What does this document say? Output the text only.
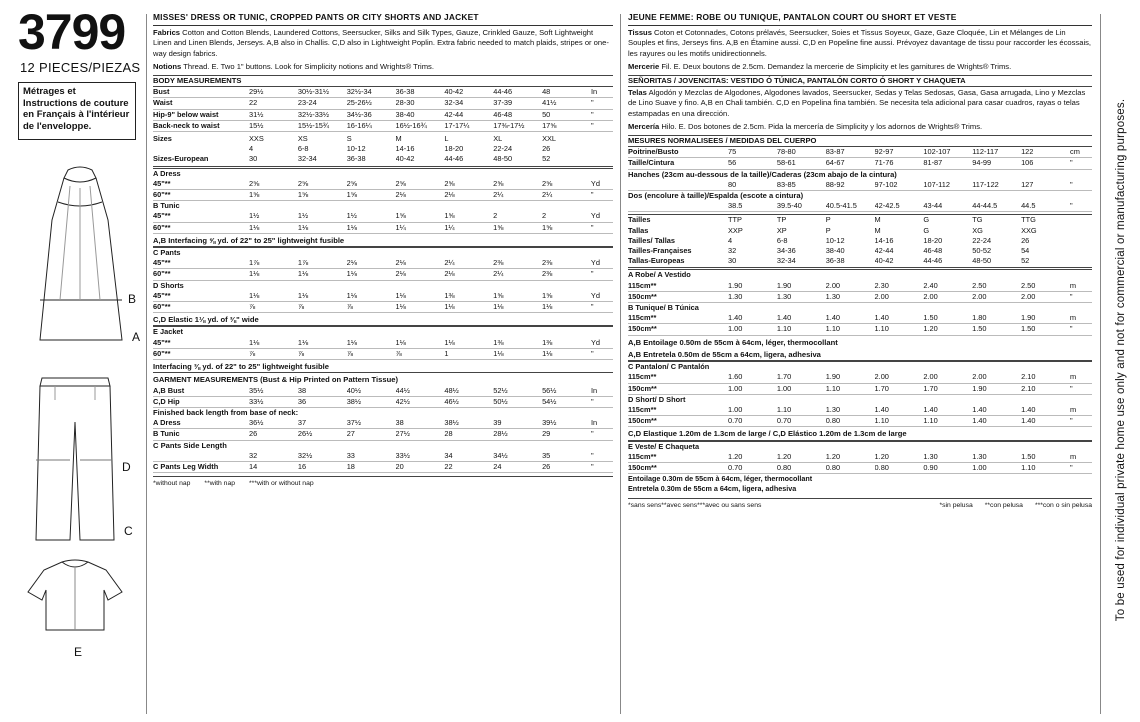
3799
12 PIECES/PIEZAS
Métrages et Instructions de couture en Français à l'intérieur de l'enveloppe.
B
A
D
C
E
MISSES' DRESS OR TUNIC, CROPPED PANTS OR CITY SHORTS AND JACKET
Fabrics Cotton and Cotton Blends, Laundered Cottons, Seersucker, Silks and Silk Types, Gauze, Crinkled Gauze, Soft Lightweight Linen and Linen Blends, Jerseys. A,B also in Challis. C,D also in Lightweight Poplin. Extra fabric needed to match plaids, stripes or one-way design fabrics.
Notions Thread. E. Two 1" buttons. Look for Simplicity notions and Wrights® Trims.
BODY MEASUREMENTS
Bust	29½	30½-31½	32½-34	36-38	40-42	44-46	48	In
Waist	22	23-24	25-26½	28-30	32-34	37-39	41½	"
Hip-9" below waist	31½	32½-33½	34½-36	38-40	42-44	46-48	50	"
Back-neck to waist	15½	15½-15¾	16-16¼	16½-16¾	17-17¼	17⅜-17½	17⅝	"
Sizes	XXS	XS	S	M	L	XL	XXL	
	4	6-8	10-12	14-16	18-20	22-24	26	
Sizes-European	30	32-34	36-38	40-42	44-46	48-50	52	
A Dress								
45"**	2⅝	2⅝	2⅝	2⅝	2⅝	2⅝	2⅝	Yd
60"**	1⅝	1⅝	1⅝	2⅛	2⅛	2¼	2¼	"
B Tunic								
45"**	1½	1½	1½	1⅝	1⅝	2	2	Yd
60"**	1⅛	1⅛	1⅛	1¼	1¼	1⅝	1⅝	"
A,B Interfacing ⅝ yd. of 22" to 25" lightweight fusible
C Pants								
45"**	1⅞	1⅞	2⅛	2⅛	2¼	2⅜	2⅜	Yd
60"**	1⅛	1⅛	1⅛	2⅛	2⅛	2¼	2⅜	"
D Shorts								
45"**	1⅛	1⅛	1⅛	1⅛	1⅜	1⅝	1⅝	Yd
60"**	⅞	⅞	⅞	1⅛	1⅛	1⅛	1⅛	"
C,D Elastic 1⅛ yd. of ⅜" wide
E Jacket								
45"**	1⅛	1⅛	1⅛	1⅛	1⅛	1⅜	1⅜	Yd
60"**	⅞	⅞	⅞	⅞	1	1⅛	1⅛	"
Interfacing ⅜ yd. of 22" to 25" lightweight fusible
GARMENT MEASUREMENTS (Bust & Hip Printed on Pattern Tissue)
A,B Bust	35½	38	40½	44½	48½	52½	56½	In
C,D Hip	33½	36	38½	42½	46½	50½	54½	"
Finished back length from base of neck:
A Dress	36½	37	37½	38	38½	39	39½	In
B Tunic	26	26½	27	27½	28	28½	29	"
C Pants Side Length
	32	32½	33	33½	34	34½	35	"
C Pants Leg Width	14	16	18	20	22	24	26	"
*without nap **with nap ***with or without nap
JEUNE FEMME: ROBE OU TUNIQUE, PANTALON COURT OU SHORT ET VESTE
Tissus Coton et Cotonnades, Cotons prélavés, Seersucker, Soies et Tissus Soyeux, Gaze, Gaze Cloquée, Lin et Mélanges de Lin Souples et fins, Jerseys fins. A,B en Étamine aussi. C,D en Popeline fine aussi. Prévoyez davantage de tissu pour raccorder les écossais, les rayures ou les motifs unidirectionnels.
Mercerie Fil. E. Deux boutons de 2.5cm. Demandez la mercerie de Simplicity et les garnitures de Wrights® Trims.
SEÑORITAS / JOVENCITAS: VESTIDO Ó TÚNICA, PANTALÓN CORTO Ó SHORT Y CHAQUETA
Telas Algodón y Mezclas de Algodones, Algodones lavados, Seersucker, Sedas y Telas Sedosas, Gasa, Gasa arrugada, Lino y Mezclas de Lino Suave y fino. A,B en Chali también. C,D en Popelina fina también. Se necesita tela adicional para casar cuadros, rayas o telas estampadas en una dirección.
Mercería Hilo. E. Dos botones de 2.5cm. Pida la mercería de Simplicity y los adornos de Wrights® Trims.
MESURES NORMALISEES / MEDIDAS DEL CUERPO
Poitrine/Busto	75	78-80	83-87	92-97	102-107	112-117	122	cm
Taille/Cintura	56	58-61	64-67	71-76	81-87	94-99	106	"
Hanches (23cm au-dessous de la taille)/Caderas (23cm abajo de la cintura)
	80	83-85	88-92	97-102	107-112	117-122	127	"
Dos (encolure à taille)/Espalda (escote a cintura)
	38.5	39.5-40	40.5-41.5	42-42.5	43-44	44-44.5	44.5	"
Tailles	TTP	TP	P	M	G	TG	TTG	
Tallas	XXP	XP	P	M	G	XG	XXG	
Tailles/ Tallas	4	6-8	10-12	14-16	18-20	22-24	26	
Tailles-Françaises	32	34-36	38-40	42-44	46-48	50-52	54	
Tallas-Europeas	30	32-34	36-38	40-42	44-46	48-50	52	
A Robe/ A Vestido								
115cm**	1.90	1.90	2.00	2.30	2.40	2.50	2.50	m
150cm**	1.30	1.30	1.30	2.00	2.00	2.00	2.00	"
B Tunique/ B Túnica								
115cm**	1.40	1.40	1.40	1.40	1.50	1.80	1.90	m
150cm**	1.00	1.10	1.10	1.10	1.20	1.50	1.50	"
A,B Entoilage 0.50m de 55cm à 64cm, léger, thermocollant
A,B Entretela 0.50m de 55cm a 64cm, ligera, adhesiva
C Pantalon/ C Pantalón								
115cm**	1.60	1.70	1.90	2.00	2.00	2.00	2.10	m
150cm**	1.00	1.00	1.10	1.70	1.70	1.90	2.10	"
D Short/ D Short								
115cm**	1.00	1.10	1.30	1.40	1.40	1.40	1.40	m
150cm**	0.70	0.70	0.80	1.10	1.10	1.40	1.40	"
C,D Elastique 1.20m de 1.3cm de large / C,D Elástico 1.20m de 1.3cm de large
E Veste/ E Chaqueta								
115cm**	1.20	1.20	1.20	1.20	1.30	1.30	1.50	m
150cm**	0.70	0.80	0.80	0.80	0.90	1.00	1.10	"
Entoilage 0.30m de 55cm à 64cm, léger, thermocollant
Entretela 0.30m de 55cm a 64cm, ligera, adhesiva
*sans sens **avec sens ***avec ou sans sens	*sin pelusa **con pelusa ***con o sin pelusa To be used for individual private home use only and not for commercial or manufacturing purposes.
